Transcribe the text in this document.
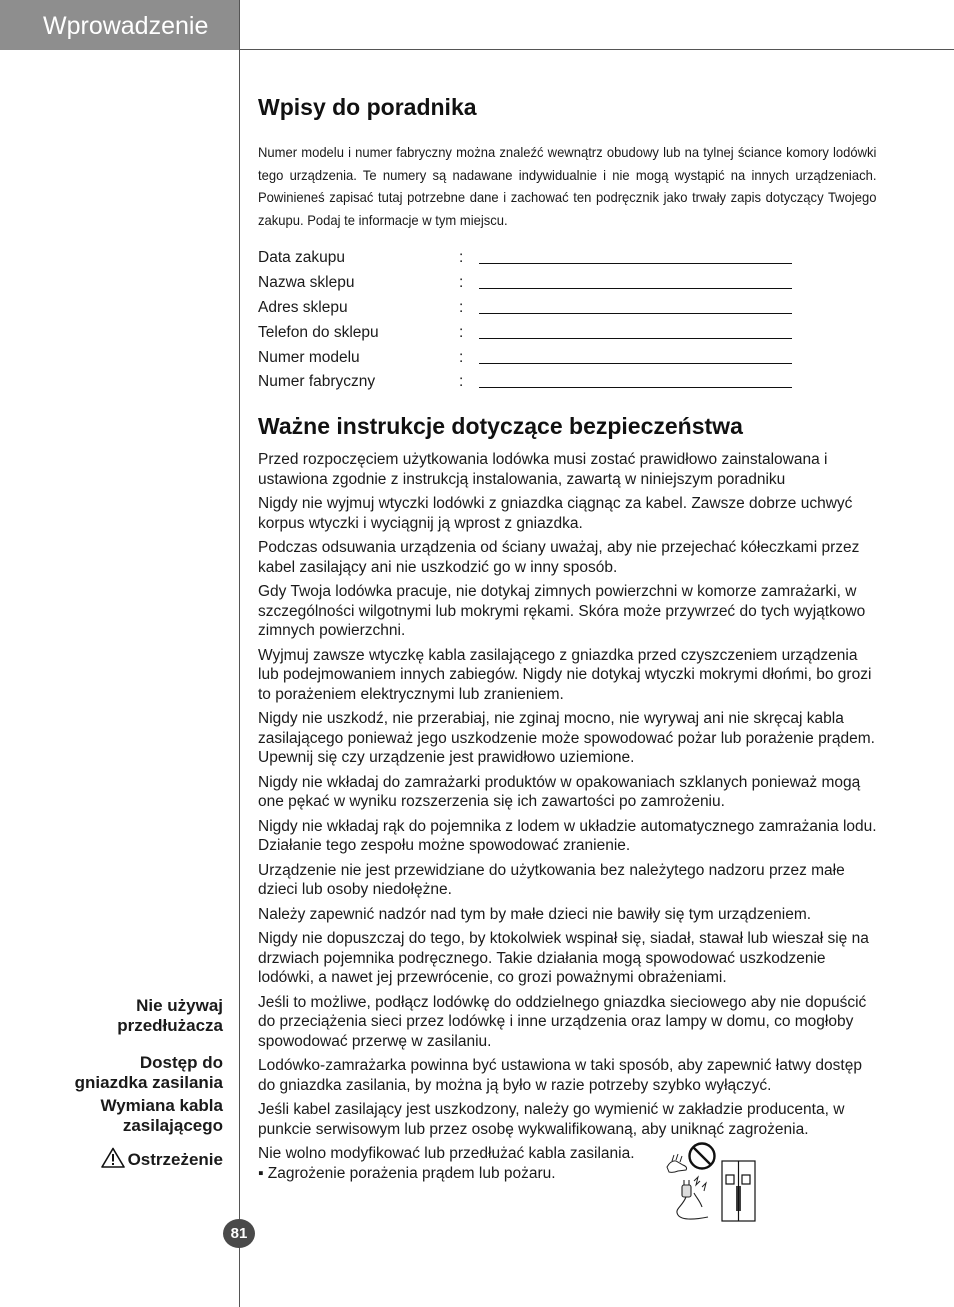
Wprowadzenie
Wpisy do poradnika
Numer modelu i numer fabryczny można znaleźć wewnątrz obudowy lub na tylnej ściance komory lodówki tego urządzenia. Te numery są nadawane indywidualnie i nie mogą wystąpić na innych urządzeniach. Powinieneś zapisać tutaj potrzebne dane i zachować ten podręcznik jako trwały zapis dotyczący Twojego zakupu. Podaj te informacje w tym miejscu.
Data zakupu	:
Nazwa sklepu	:
Adres sklepu	:
Telefon do sklepu	:
Numer modelu	:
Numer fabryczny	:
Ważne instrukcje dotyczące bezpieczeństwa

Przed rozpoczęciem użytkowania lodówka musi zostać prawidłowo zainstalowana i ustawiona zgodnie z instrukcją instalowania, zawartą w niniejszym poradniku

Nigdy nie wyjmuj wtyczki lodówki z gniazdka ciągnąc za kabel. Zawsze dobrze uchwyć korpus wtyczki i wyciągnij ją wprost z gniazdka.

Podczas odsuwania urządzenia od ściany uważaj, aby nie przejechać kółeczkami przez kabel zasilający ani nie uszkodzić go w inny sposób.

Gdy Twoja lodówka pracuje, nie dotykaj zimnych powierzchni w komorze zamrażarki, w szczególności wilgotnymi lub mokrymi rękami. Skóra może przywrzeć do tych wyjątkowo zimnych powierzchni.

Wyjmuj zawsze wtyczkę kabla zasilającego z gniazdka przed czyszczeniem urządzenia lub podejmowaniem innych zabiegów. Nigdy nie dotykaj wtyczki mokrymi dłońmi, bo grozi to porażeniem elektrycznymi lub zranieniem.

Nigdy nie uszkodź, nie przerabiaj, nie zginaj mocno, nie wyrywaj ani nie skręcaj kabla zasilającego ponieważ jego uszkodzenie może spowodować pożar lub porażenie prądem. Upewnij się czy urządzenie jest prawidłowo uziemione.

Nigdy nie wkładaj do zamrażarki produktów w opakowaniach szklanych ponieważ mogą one pękać w wyniku rozszerzenia się ich zawartości po zamrożeniu.

Nigdy nie wkładaj rąk do pojemnika z lodem w układzie automatycznego zamrażania lodu. Działanie tego zespołu możne spowodować zranienie.

Urządzenie nie jest przewidziane do użytkowania bez należytego nadzoru przez małe dzieci lub osoby niedołężne.

Należy zapewnić nadzór nad tym by małe dzieci nie bawiły się tym urządzeniem.

Nigdy nie dopuszczaj do tego, by ktokolwiek wspinał się, siadał, stawał lub wieszał się na drzwiach pojemnika podręcznego. Takie działania mogą spowodować uszkodzenie lodówki, a nawet jej przewrócenie, co grozi poważnymi obrażeniami.

Jeśli to możliwe, podłącz lodówkę do oddzielnego gniazdka sieciowego aby nie dopuścić do przeciążenia sieci przez lodówkę i inne urządzenia oraz lampy w domu, co mogłoby spowodować przerwę w zasilaniu.

Lodówko-zamrażarka powinna być ustawiona w taki sposób, aby zapewnić łatwy dostęp do gniazdka zasilania, by można ją było w razie potrzeby szybko wyłączyć.

Jeśli kabel zasilający jest uszkodzony, należy go wymienić w zakładzie producenta, w punkcie serwisowym lub przez osobę wykwalifikowaną, aby uniknąć zagrożenia.

Nie wolno modyfikować lub przedłużać kabla zasilania.

▪ Zagrożenie porażenia prądem lub pożaru.

Nie używaj
przedłużacza
Dostęp do
gniazdka zasilania
Wymiana kabla
zasilającego
Ostrzeżenie
81
